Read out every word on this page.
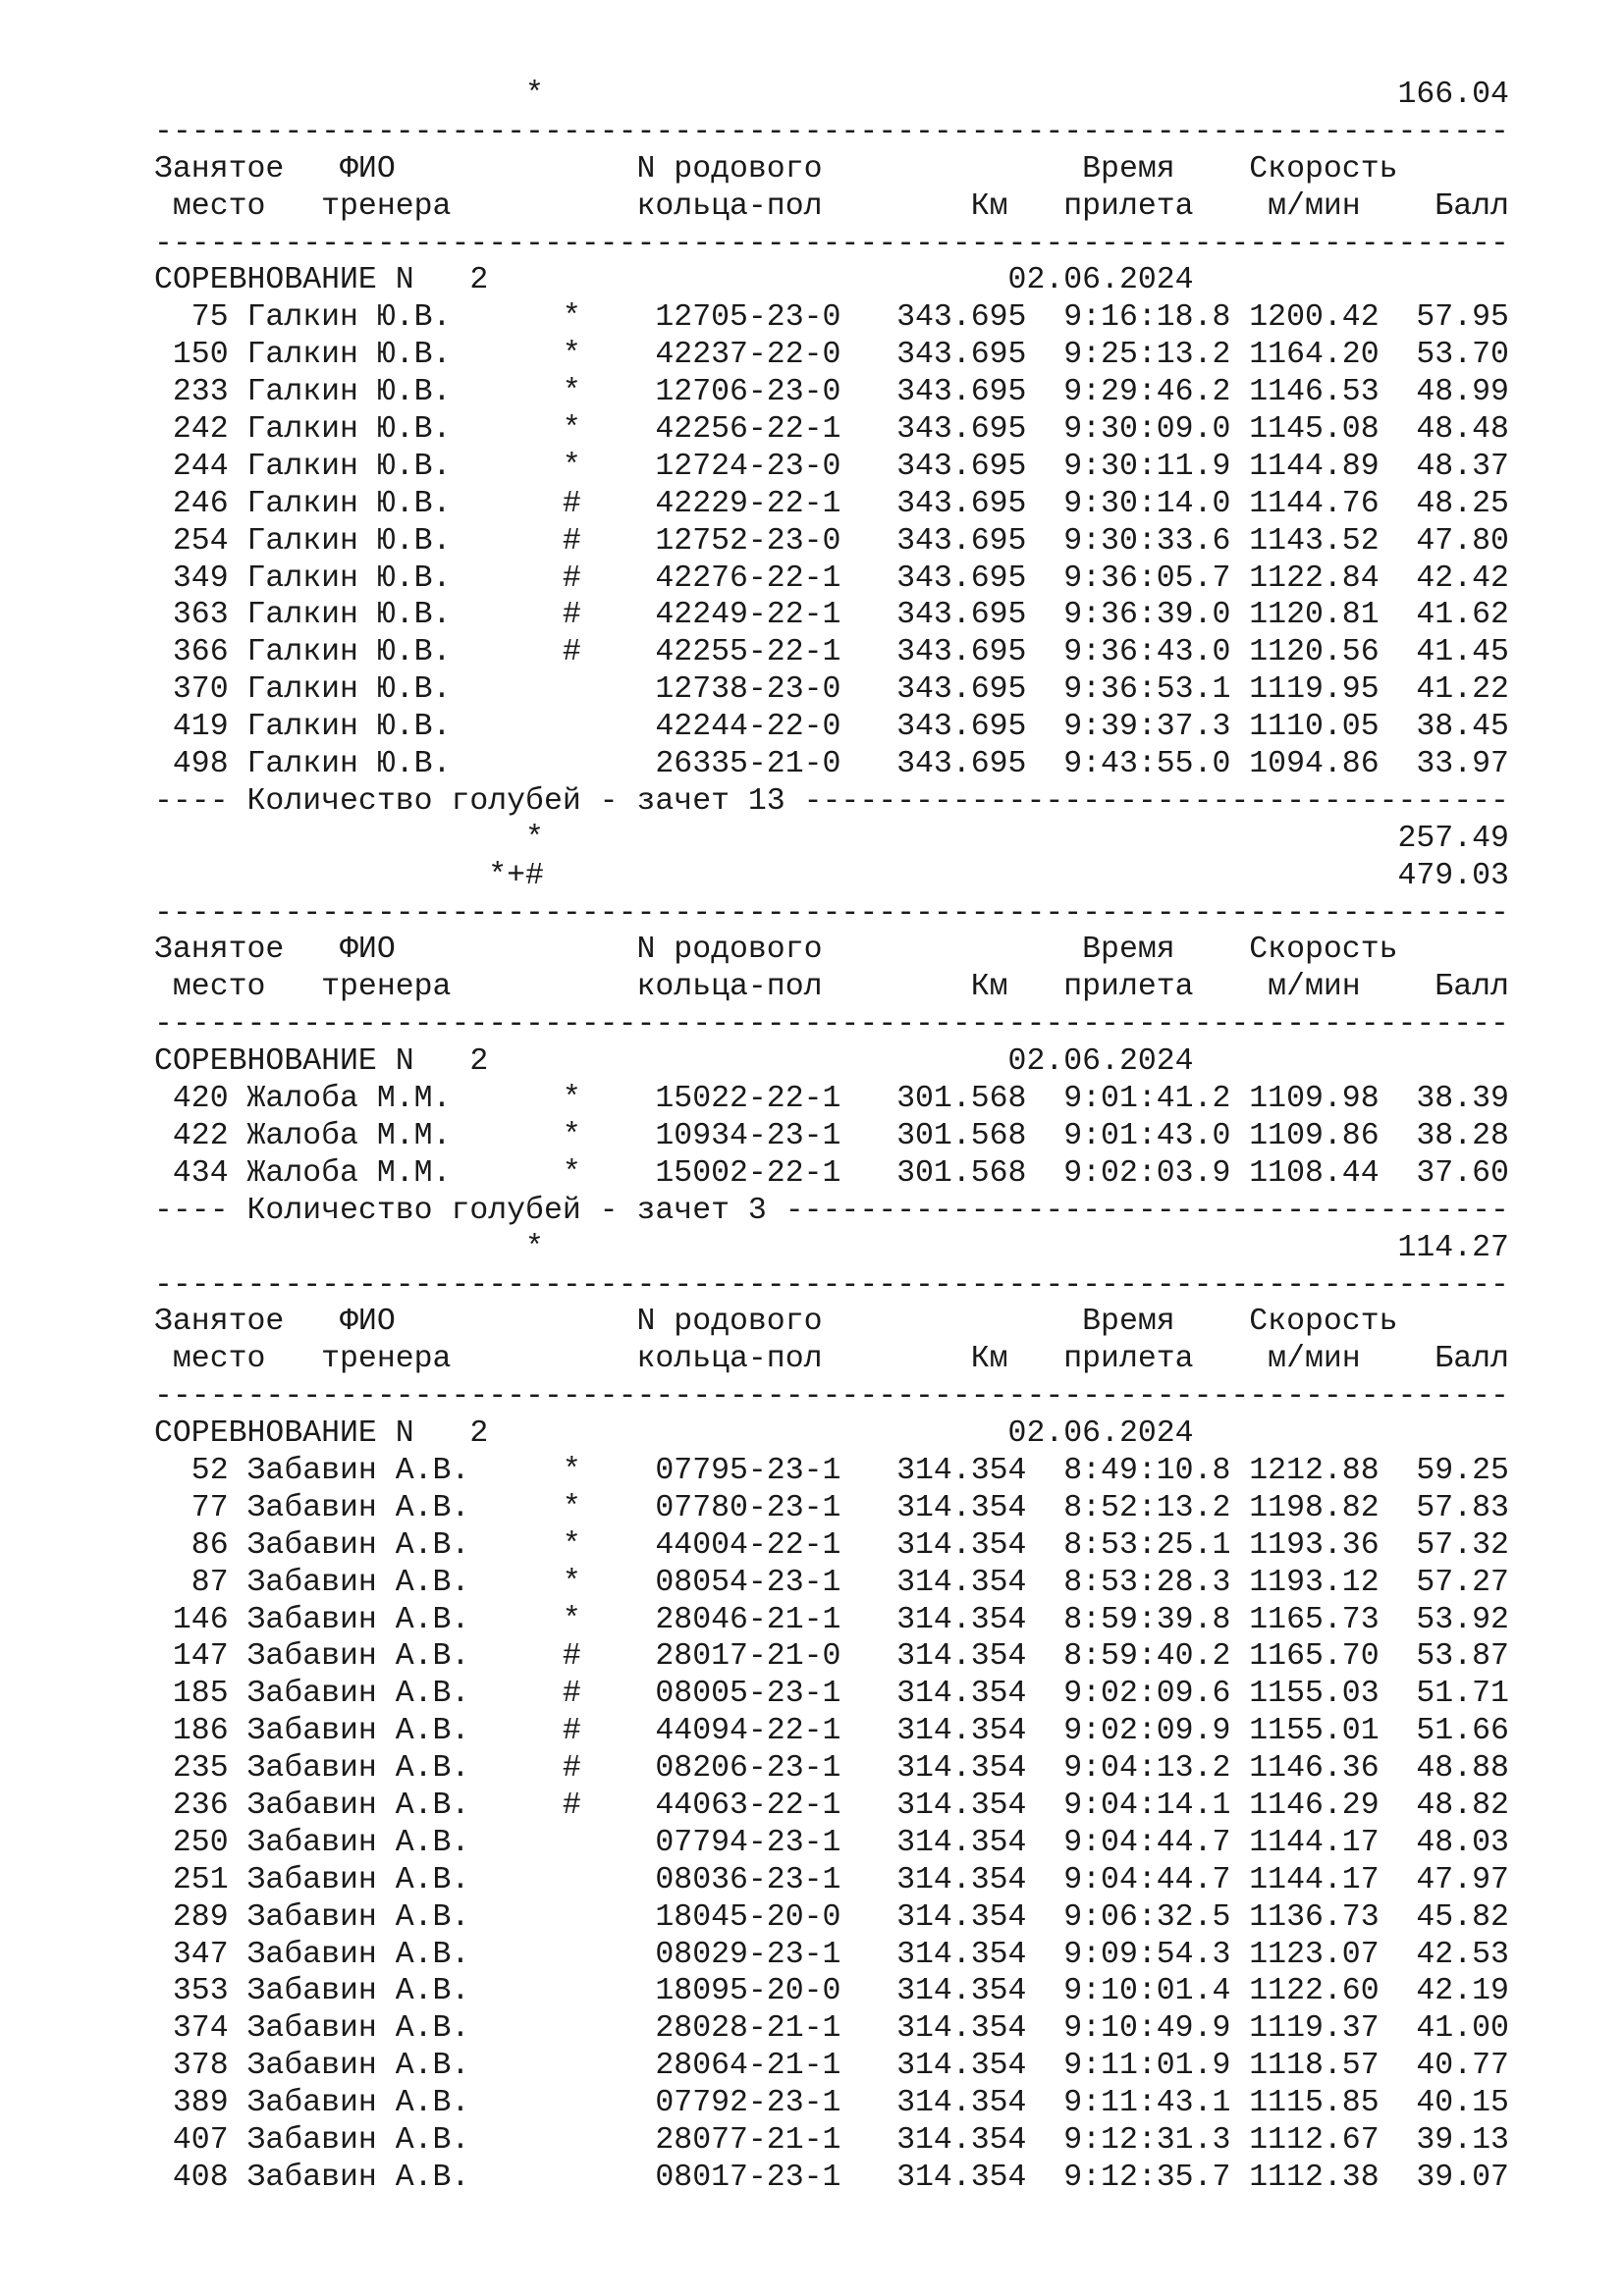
*                                              166.04
-------------------------------------------------------------------------
Занятое   ФИО             N родового              Время    Скорость
место   тренера          кольца-пол        Км   прилета    м/мин    Балл
-------------------------------------------------------------------------
СОРЕВНОВАНИЕ N   2                            02.06.2024
75 Галкин Ю.В.      *    12705-23-0   343.695  9:16:18.8 1200.42  57.95
150 Галкин Ю.В.      *    42237-22-0   343.695  9:25:13.2 1164.20  53.70
233 Галкин Ю.В.      *    12706-23-0   343.695  9:29:46.2 1146.53  48.99
242 Галкин Ю.В.      *    42256-22-1   343.695  9:30:09.0 1145.08  48.48
244 Галкин Ю.В.      *    12724-23-0   343.695  9:30:11.9 1144.89  48.37
246 Галкин Ю.В.      #    42229-22-1   343.695  9:30:14.0 1144.76  48.25
254 Галкин Ю.В.      #    12752-23-0   343.695  9:30:33.6 1143.52  47.80
349 Галкин Ю.В.      #    42276-22-1   343.695  9:36:05.7 1122.84  42.42
363 Галкин Ю.В.      #    42249-22-1   343.695  9:36:39.0 1120.81  41.62
366 Галкин Ю.В.      #    42255-22-1   343.695  9:36:43.0 1120.56  41.45
370 Галкин Ю.В.           12738-23-0   343.695  9:36:53.1 1119.95  41.22
419 Галкин Ю.В.           42244-22-0   343.695  9:39:37.3 1110.05  38.45
498 Галкин Ю.В.           26335-21-0   343.695  9:43:55.0 1094.86  33.97
---- Количество голубей - зачет 13 --------------------------------------
*                                              257.49
*+#                                              479.03
-------------------------------------------------------------------------
Занятое   ФИО             N родового              Время    Скорость
место   тренера          кольца-пол        Км   прилета    м/мин    Балл
-------------------------------------------------------------------------
СОРЕВНОВАНИЕ N   2                            02.06.2024
420 Жалоба М.М.      *    15022-22-1   301.568  9:01:41.2 1109.98  38.39
422 Жалоба М.М.      *    10934-23-1   301.568  9:01:43.0 1109.86  38.28
434 Жалоба М.М.      *    15002-22-1   301.568  9:02:03.9 1108.44  37.60
---- Количество голубей - зачет 3 ---------------------------------------
*                                              114.27
-------------------------------------------------------------------------
Занятое   ФИО             N родового              Время    Скорость
место   тренера          кольца-пол        Км   прилета    м/мин    Балл
-------------------------------------------------------------------------
СОРЕВНОВАНИЕ N   2                            02.06.2024
52 Забавин А.В.     *    07795-23-1   314.354  8:49:10.8 1212.88  59.25
77 Забавин А.В.     *    07780-23-1   314.354  8:52:13.2 1198.82  57.83
86 Забавин А.В.     *    44004-22-1   314.354  8:53:25.1 1193.36  57.32
87 Забавин А.В.     *    08054-23-1   314.354  8:53:28.3 1193.12  57.27
146 Забавин А.В.     *    28046-21-1   314.354  8:59:39.8 1165.73  53.92
147 Забавин А.В.     #    28017-21-0   314.354  8:59:40.2 1165.70  53.87
185 Забавин А.В.     #    08005-23-1   314.354  9:02:09.6 1155.03  51.71
186 Забавин А.В.     #    44094-22-1   314.354  9:02:09.9 1155.01  51.66
235 Забавин А.В.     #    08206-23-1   314.354  9:04:13.2 1146.36  48.88
236 Забавин А.В.     #    44063-22-1   314.354  9:04:14.1 1146.29  48.82
250 Забавин А.В.          07794-23-1   314.354  9:04:44.7 1144.17  48.03
251 Забавин А.В.          08036-23-1   314.354  9:04:44.7 1144.17  47.97
289 Забавин А.В.          18045-20-0   314.354  9:06:32.5 1136.73  45.82
347 Забавин А.В.          08029-23-1   314.354  9:09:54.3 1123.07  42.53
353 Забавин А.В.          18095-20-0   314.354  9:10:01.4 1122.60  42.19
374 Забавин А.В.          28028-21-1   314.354  9:10:49.9 1119.37  41.00
378 Забавин А.В.          28064-21-1   314.354  9:11:01.9 1118.57  40.77
389 Забавин А.В.          07792-23-1   314.354  9:11:43.1 1115.85  40.15
407 Забавин А.В.          28077-21-1   314.354  9:12:31.3 1112.67  39.13
408 Забавин А.В.          08017-23-1   314.354  9:12:35.7 1112.38  39.07
